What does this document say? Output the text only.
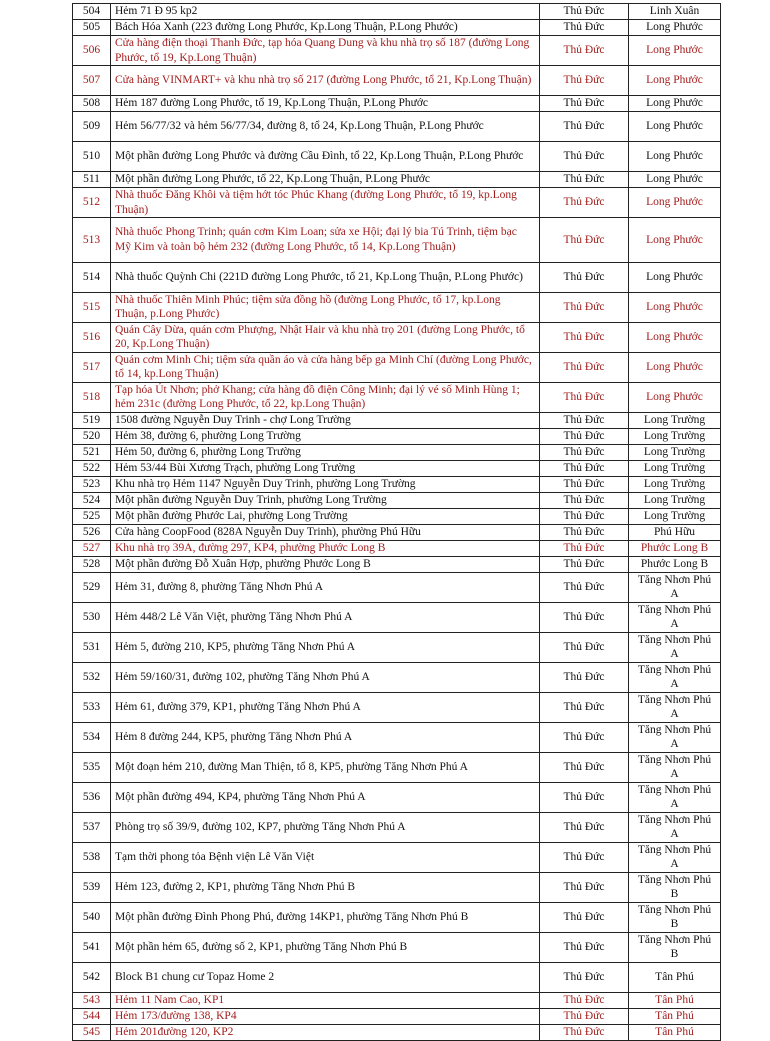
504	Hẻm 71 Đ 95 kp2	Thủ Đức	Linh Xuân
505	Bách Hóa Xanh (223 đường Long Phước, Kp.Long Thuận, P.Long Phước)	Thủ Đức	Long Phước
506	Cửa hàng điện thoại Thanh Đức, tạp hóa Quang Dung và khu nhà trọ số 187 (đường Long Phước, tổ 19, Kp.Long Thuận)	Thủ Đức	Long Phước
507	Cửa hàng VINMART+ và khu nhà trọ số 217 (đường Long Phước, tổ 21, Kp.Long Thuận)	Thủ Đức	Long Phước
508	Hẻm 187 đường Long Phước, tổ 19, Kp.Long Thuận, P.Long Phước	Thủ Đức	Long Phước
509	Hẻm 56/77/32 và hẻm 56/77/34, đường 8, tổ 24, Kp.Long Thuận, P.Long Phước	Thủ Đức	Long Phước
510	Một phần đường Long Phước và đường Cầu Đình, tổ 22, Kp.Long Thuận, P.Long Phước	Thủ Đức	Long Phước
511	Một phần đường Long Phước, tổ 22, Kp.Long Thuận, P.Long Phước	Thủ Đức	Long Phước
512	Nhà thuốc Đăng Khôi và tiệm hớt tóc Phúc Khang (đường Long Phước, tổ 19, kp.Long Thuận)	Thủ Đức	Long Phước
513	Nhà thuốc Phong Trinh; quán cơm Kim Loan; sửa xe Hội; đại lý bia Tú Trinh, tiệm bạc Mỹ Kim và toàn bộ hẻm 232 (đường Long Phước, tổ 14, Kp.Long Thuận)	Thủ Đức	Long Phước
514	Nhà thuốc Quỳnh Chi (221D đường Long Phước, tổ 21, Kp.Long Thuận, P.Long Phước)	Thủ Đức	Long Phước
515	Nhà thuốc Thiên Minh Phúc; tiệm sửa đồng hồ (đường Long Phước, tổ 17, kp.Long Thuận, p.Long Phước)	Thủ Đức	Long Phước
516	Quán Cây Dừa, quán cơm Phượng, Nhật Hair và khu nhà trọ 201 (đường Long Phước, tổ 20, Kp.Long Thuận)	Thủ Đức	Long Phước
517	Quán cơm Minh Chi; tiệm sửa quần áo và cửa hàng bếp ga Minh Chí (đường Long Phước, tổ 14, kp.Long Thuận)	Thủ Đức	Long Phước
518	Tạp hóa Út Nhơn; phở Khang; cửa hàng đồ điện Công Minh; đại lý vé số Minh Hùng 1; hẻm 231c (đường Long Phước, tổ 22, kp.Long Thuận)	Thủ Đức	Long Phước
519	1508 đường Nguyễn Duy Trinh - chợ Long Trường	Thủ Đức	Long Trường
520	Hẻm 38, đường 6, phường Long Trường	Thủ Đức	Long Trường
521	Hẻm 50, đường 6, phường Long Trường	Thủ Đức	Long Trường
522	Hẻm 53/44 Bùi Xương Trạch, phường Long Trường	Thủ Đức	Long Trường
523	Khu nhà trọ Hẻm 1147 Nguyễn Duy Trinh, phường Long Trường	Thủ Đức	Long Trường
524	Một phần đường Nguyễn Duy Trinh, phường Long Trường	Thủ Đức	Long Trường
525	Một phần đường Phước Lai, phường Long Trường	Thủ Đức	Long Trường
526	Cửa hàng CoopFood (828A Nguyễn Duy Trinh), phường Phú Hữu	Thủ Đức	Phú Hữu
527	Khu nhà trọ 39A, đường 297, KP4, phường Phước Long B	Thủ Đức	Phước Long B
528	Một phần đường Đỗ Xuân Hợp, phường Phước Long B	Thủ Đức	Phước Long B
529	Hẻm 31, đường 8, phường Tăng Nhơn Phú A	Thủ Đức	Tăng Nhơn Phú A
530	Hẻm 448/2 Lê Văn Việt, phường Tăng Nhơn Phú A	Thủ Đức	Tăng Nhơn Phú A
531	Hẻm 5, đường 210, KP5, phường Tăng Nhơn Phú A	Thủ Đức	Tăng Nhơn Phú A
532	Hẻm 59/160/31, đường 102, phường Tăng Nhơn Phú A	Thủ Đức	Tăng Nhơn Phú A
533	Hẻm 61, đường 379, KP1, phường Tăng Nhơn Phú A	Thủ Đức	Tăng Nhơn Phú A
534	Hẻm 8 đường 244, KP5, phường Tăng Nhơn Phú A	Thủ Đức	Tăng Nhơn Phú A
535	Một đoạn hẻm 210, đường Man Thiện, tổ 8, KP5, phường Tăng Nhơn Phú A	Thủ Đức	Tăng Nhơn Phú A
536	Một phần đường 494, KP4, phường Tăng Nhơn Phú A	Thủ Đức	Tăng Nhơn Phú A
537	Phòng trọ số 39/9, đường 102, KP7, phường Tăng Nhơn Phú A	Thủ Đức	Tăng Nhơn Phú A
538	Tạm thời phong tỏa Bệnh viện Lê Văn Việt	Thủ Đức	Tăng Nhơn Phú A
539	Hẻm 123, đường 2, KP1, phường Tăng Nhơn Phú B	Thủ Đức	Tăng Nhơn Phú B
540	Một phần đường Đình Phong Phú, đường 14KP1, phường Tăng Nhơn Phú B	Thủ Đức	Tăng Nhơn Phú B
541	Một phần hẻm 65, đường số 2, KP1, phường Tăng Nhơn Phú B	Thủ Đức	Tăng Nhơn Phú B
542	Block B1 chung cư Topaz Home 2	Thủ Đức	Tân Phú
543	Hẻm 11 Nam Cao, KP1	Thủ Đức	Tân Phú
544	Hẻm 173/đường 138, KP4	Thủ Đức	Tân Phú
545	Hẻm 201đường 120, KP2	Thủ Đức	Tân Phú
